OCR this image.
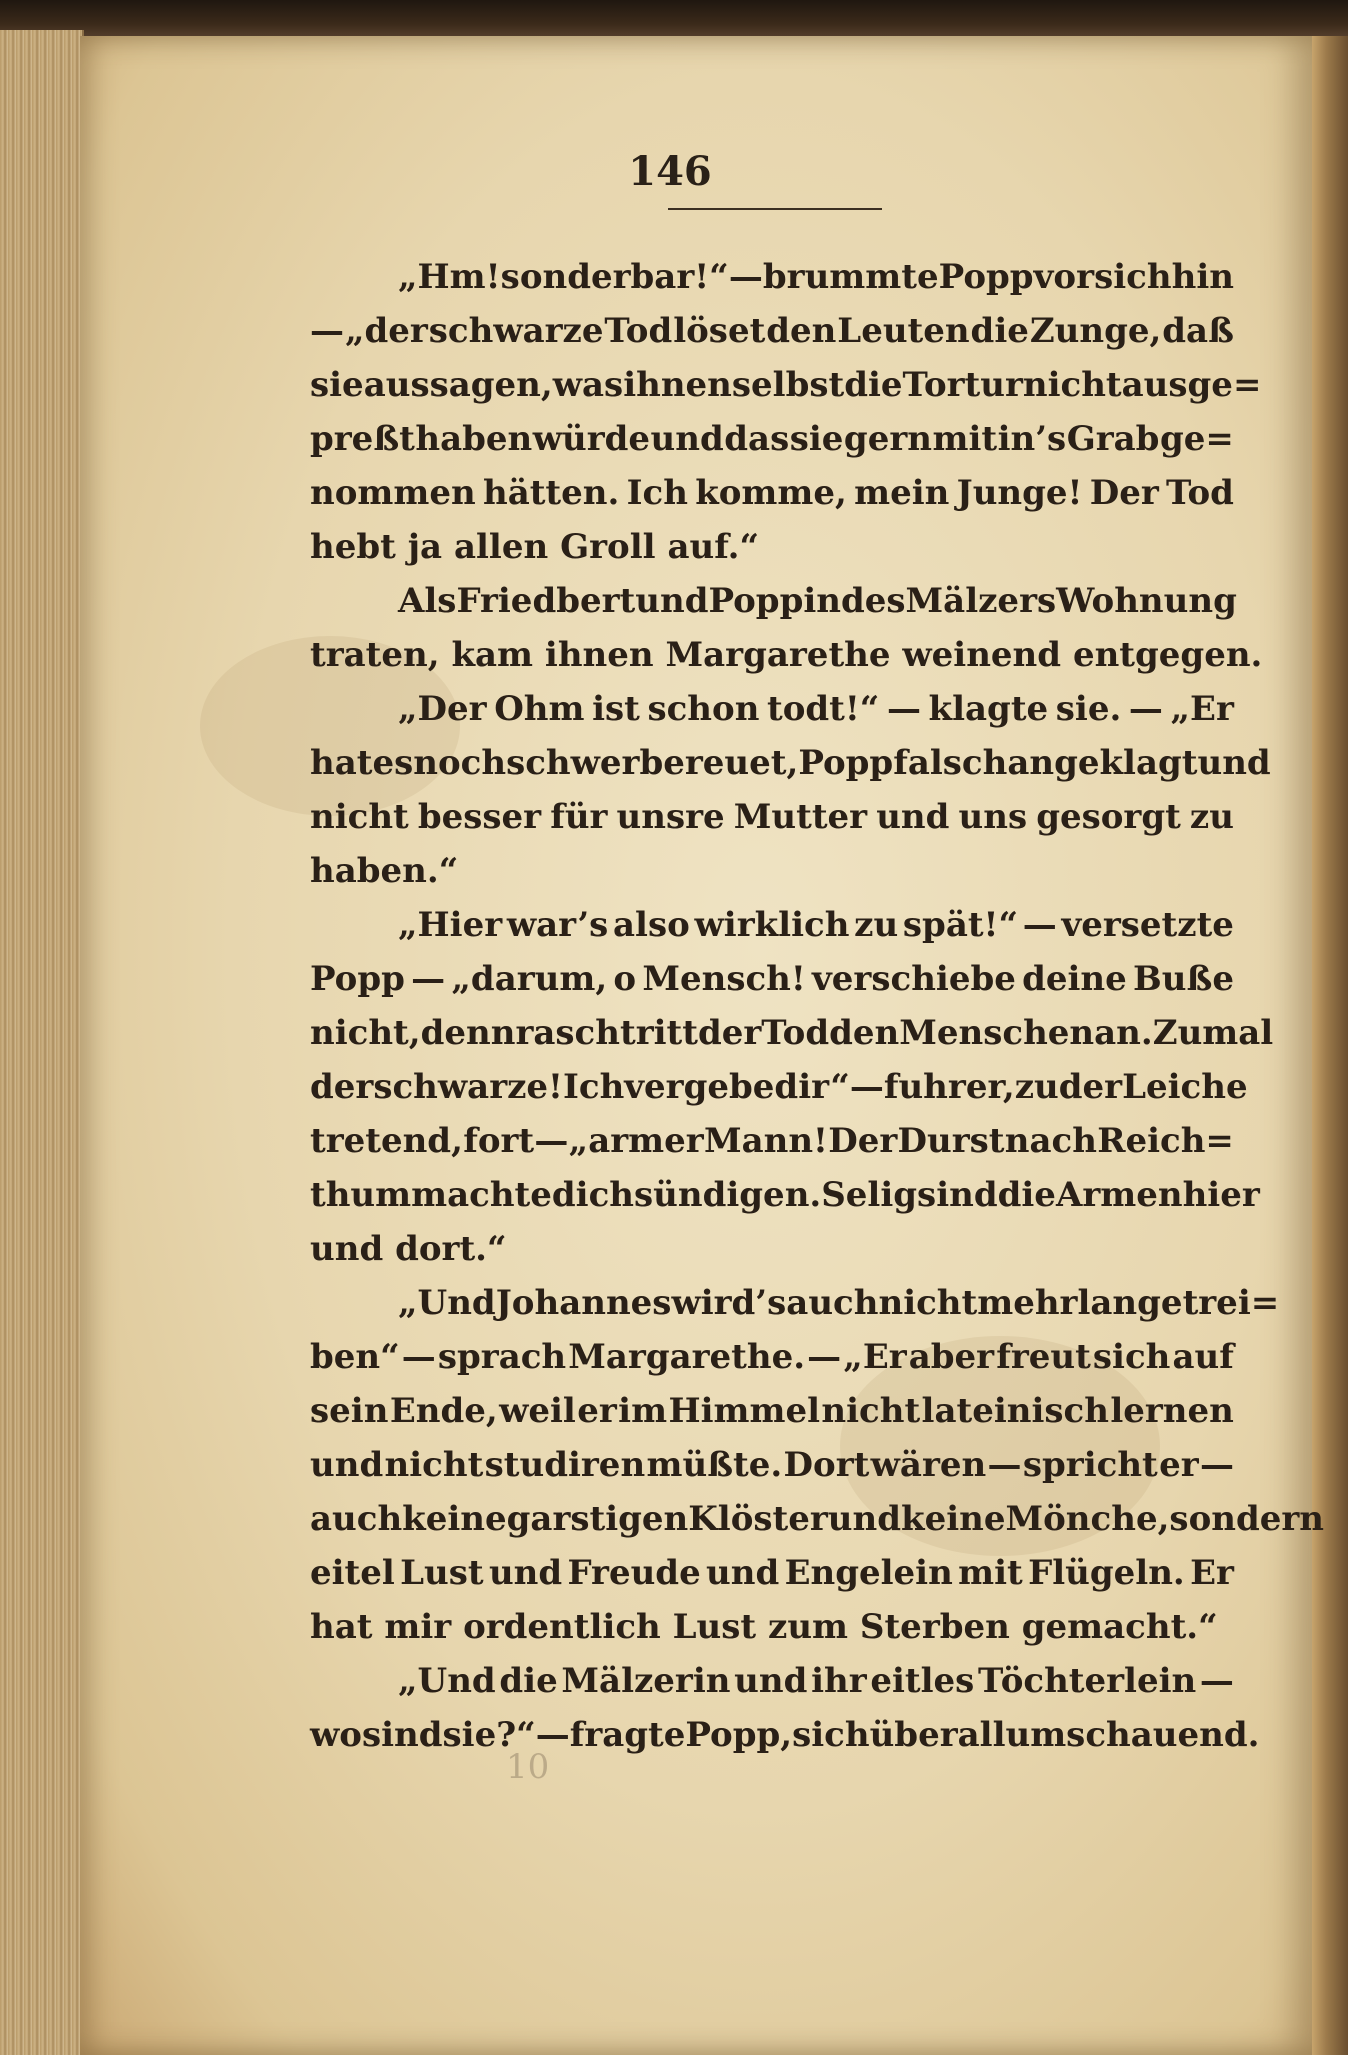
146
„Hm! sonderbar!“ — brummte Popp vor sich hin
— „der schwarze Tod löset den Leuten die Zunge, daß
sie aussagen, was ihnen selbst die Tortur nicht ausge=
preßt haben würde und das sie gern mit in’s Grab ge=
nommen hätten. Ich komme, mein Junge! Der Tod
hebt ja allen Groll auf.“
Als Friedbert und Popp in des Mälzers Wohnung
traten, kam ihnen Margarethe weinend entgegen.
„Der Ohm ist schon todt!“ — klagte sie. — „Er
hat es noch schwer bereuet, Popp falsch angeklagt und
nicht besser für unsre Mutter und uns gesorgt zu
haben.“
„Hier war’s also wirklich zu spät!“ — versetzte
Popp — „darum, o Mensch! verschiebe deine Buße
nicht, denn rasch tritt der Tod den Menschen an. Zumal
der schwarze! Ich vergebe dir“ — fuhr er, zu der Leiche
tretend, fort — „armer Mann! Der Durst nach Reich=
thum machte dich sündigen. Selig sind die Armen hier
und dort.“
„Und Johannes wird’s auch nicht mehr lange trei=
ben“ — sprach Margarethe. — „Er aber freut sich auf
sein Ende, weil er im Himmel nicht lateinisch lernen
und nicht studiren müßte. Dort wären — spricht er —
auch keine garstigen Klöster und keine Mönche, sondern
eitel Lust und Freude und Engelein mit Flügeln. Er
hat mir ordentlich Lust zum Sterben gemacht.“
„Und die Mälzerin und ihr eitles Töchterlein —
wo sind sie?“ — fragte Popp, sich überall umschauend.
10
